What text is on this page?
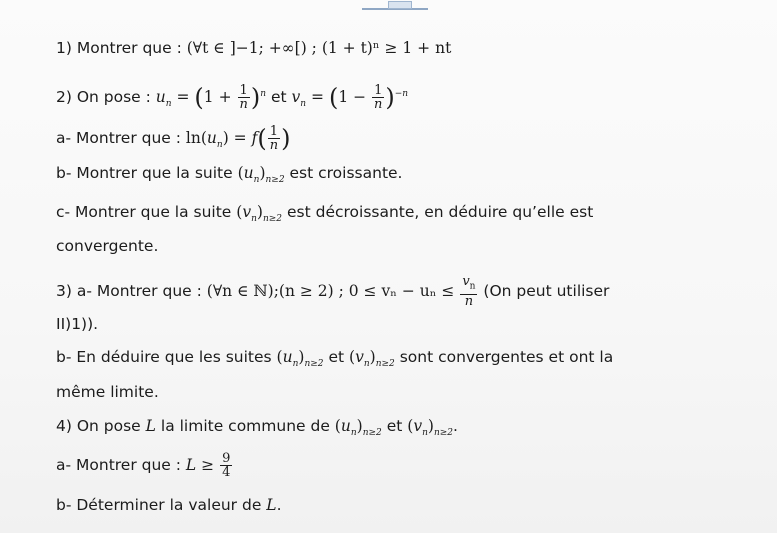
1) Montrer que : (∀t ∈ ]−1; +∞[) ; (1 + t)ⁿ ≥ 1 + nt
2) On pose : $u_n = (1 + \frac{1}{n} )^n$ et $v_n = (1 - \frac{1}{n} )^{-n}$
a- Montrer que : $\ln(u_n) = f( \frac{1}{n}$ )
b- Montrer que la suite $(u_n)_{n\ge 2}$ est croissante.
c- Montrer que la suite $(v_n)_{n\ge 2}$ est décroissante, en déduire qu’elle est
convergente.
3) a- Montrer que : (∀n ∈ ℕ);(n ≥ 2) ; $0 \le v_n - u_n \le \frac{v_n}{n} (On$ peut utiliser
II)1)).
b- En déduire que les suites $(u_n)_{n\ge 2}$ et $(v_n)_{n\ge 2}$ sont convergentes et ont la
même limite.
4) On pose L la limite commune de $(u_n)_{n\ge 2}$ et $(v_n)_{n\ge 2}$.
a- Montrer que : $L \ge \frac{9}{4}$
b- Déterminer la valeur de L.
